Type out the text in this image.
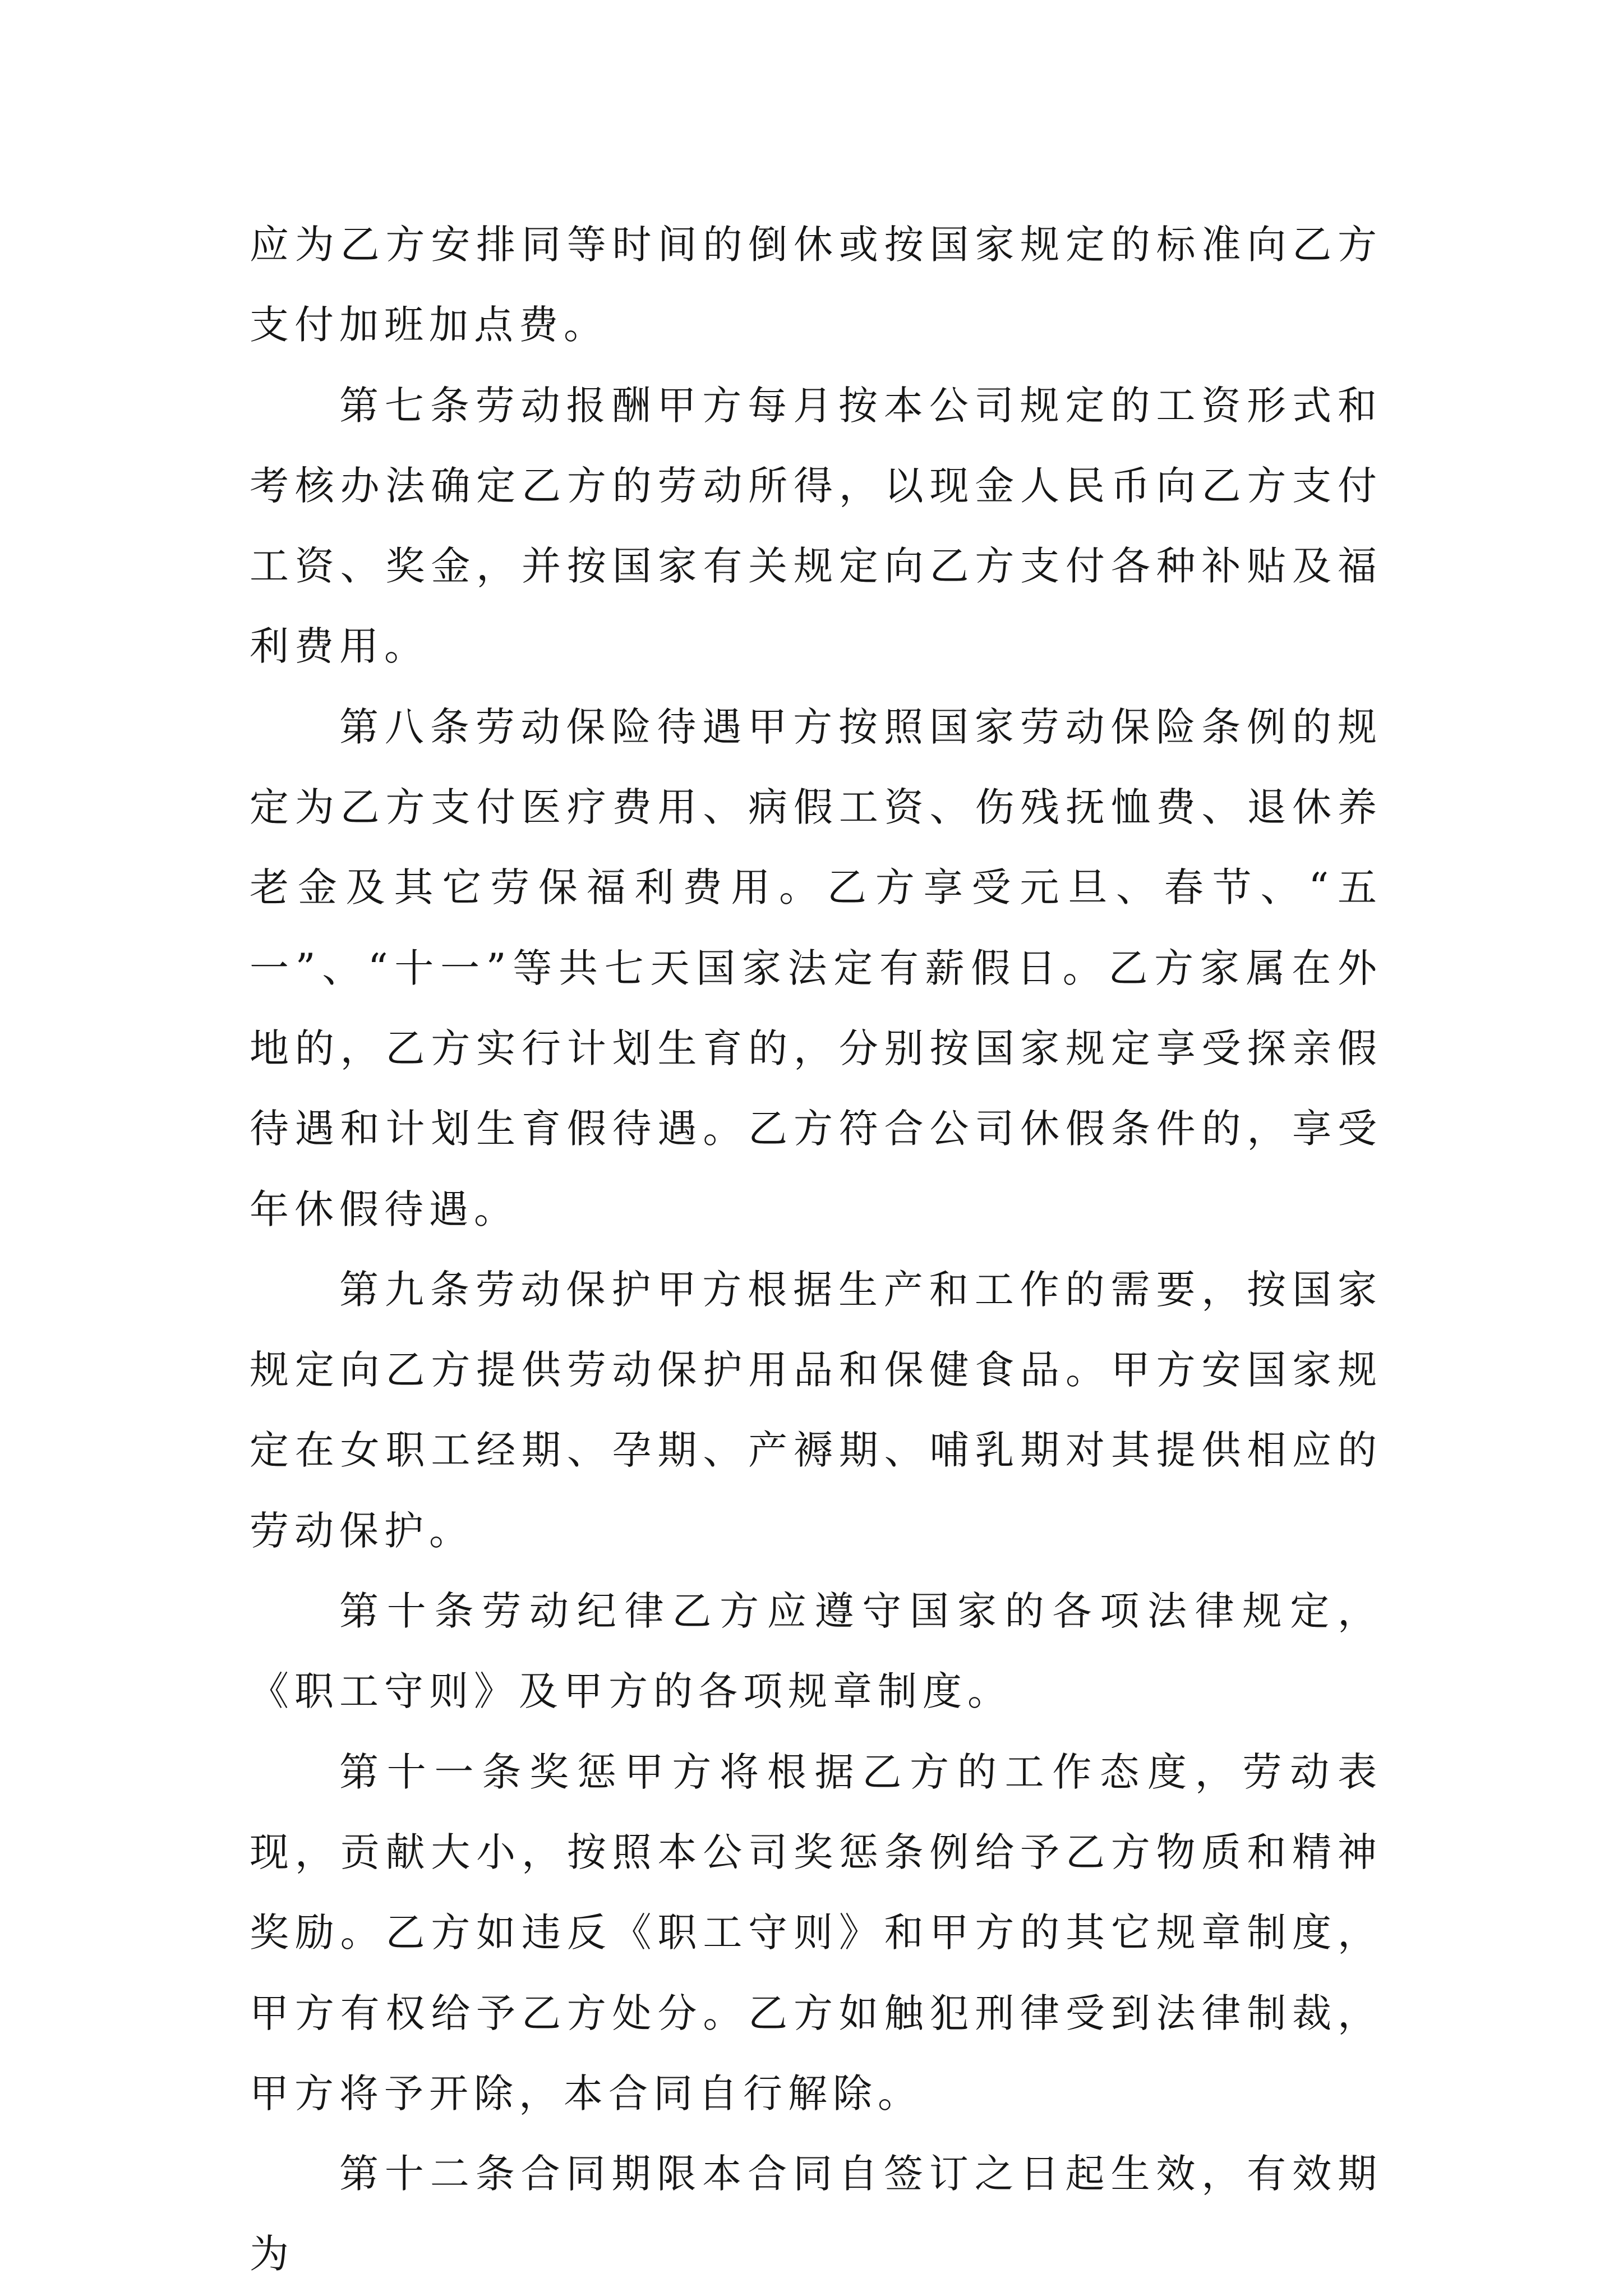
应为乙方安排同等时间的倒休或按国家规定的标准向乙方支付加班加点费。

第七条劳动报酬甲方每月按本公司规定的工资形式和考核办法确定乙方的劳动所得，以现金人民币向乙方支付工资、奖金，并按国家有关规定向乙方支付各种补贴及福利费用。

第八条劳动保险待遇甲方按照国家劳动保险条例的规定为乙方支付医疗费用、病假工资、伤残抚恤费、退休养老金及其它劳保福利费用。乙方享受元旦、春节、“五一”、“十一”等共七天国家法定有薪假日。乙方家属在外地的，乙方实行计划生育的，分别按国家规定享受探亲假待遇和计划生育假待遇。乙方符合公司休假条件的，享受年休假待遇。

第九条劳动保护甲方根据生产和工作的需要，按国家规定向乙方提供劳动保护用品和保健食品。甲方安国家规定在女职工经期、孕期、产褥期、哺乳期对其提供相应的劳动保护。

第十条劳动纪律乙方应遵守国家的各项法律规定，《职工守则》及甲方的各项规章制度。

第十一条奖惩甲方将根据乙方的工作态度，劳动表现，贡献大小，按照本公司奖惩条例给予乙方物质和精神奖励。乙方如违反《职工守则》和甲方的其它规章制度，甲方有权给予乙方处分。乙方如触犯刑律受到法律制裁，甲方将予开除，本合同自行解除。

第十二条合同期限本合同自签订之日起生效，有效期为
